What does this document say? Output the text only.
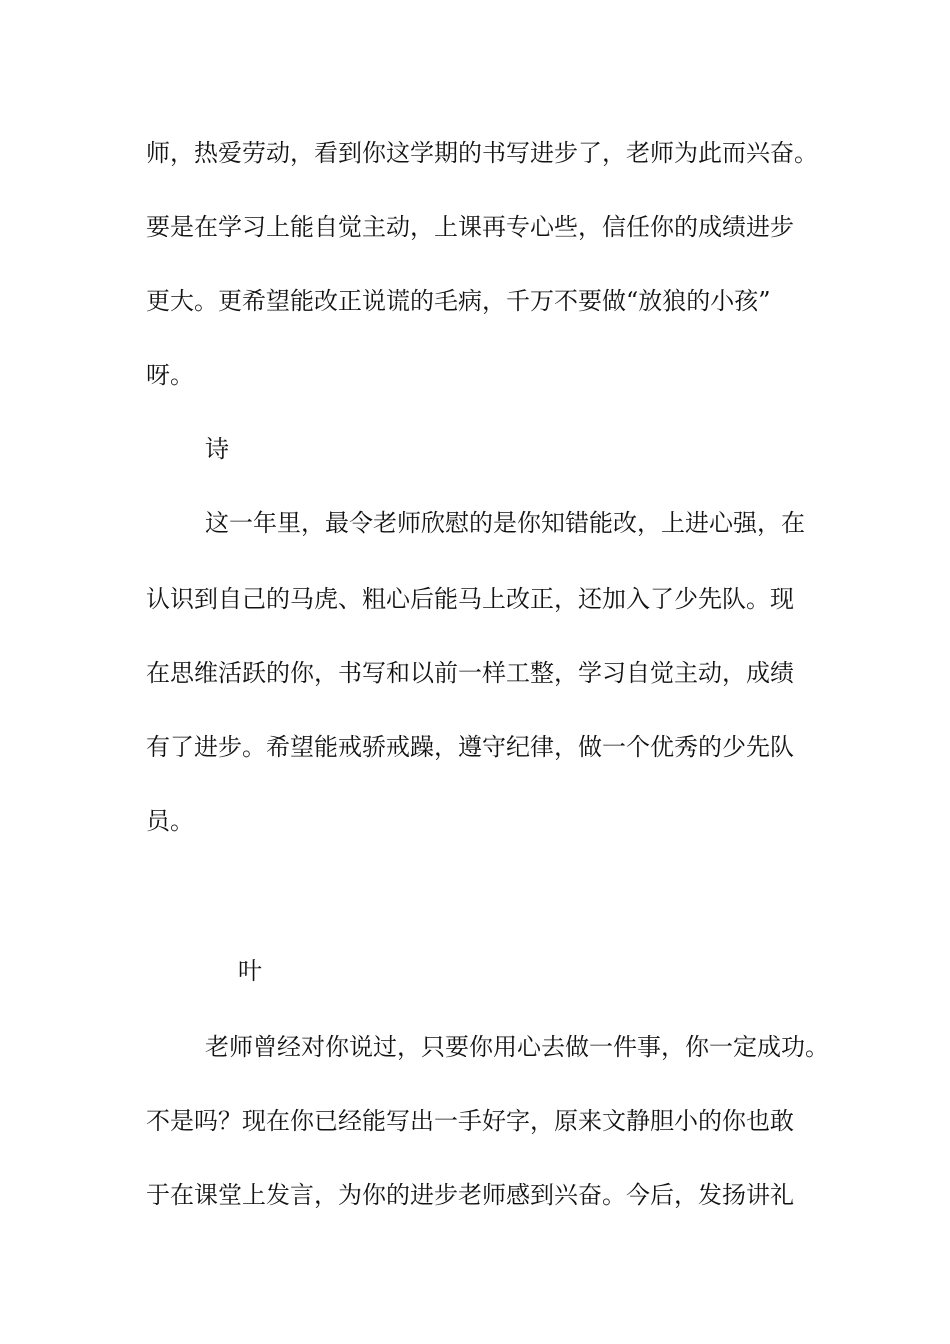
师，热爱劳动，看到你这学期的书写进步了，老师为此而兴奋。

要是在学习上能自觉主动，上课再专心些，信任你的成绩进步

更大。更希望能改正说谎的毛病，千万不要做“放狼的小孩”

呀。

诗

这一年里，最令老师欣慰的是你知错能改，上进心强，在

认识到自己的马虎、粗心后能马上改正，还加入了少先队。现

在思维活跃的你，书写和以前一样工整，学习自觉主动，成绩

有了进步。希望能戒骄戒躁，遵守纪律，做一个优秀的少先队

员。

叶

老师曾经对你说过，只要你用心去做一件事，你一定成功。

不是吗？现在你已经能写出一手好字，原来文静胆小的你也敢

于在课堂上发言，为你的进步老师感到兴奋。今后，发扬讲礼
